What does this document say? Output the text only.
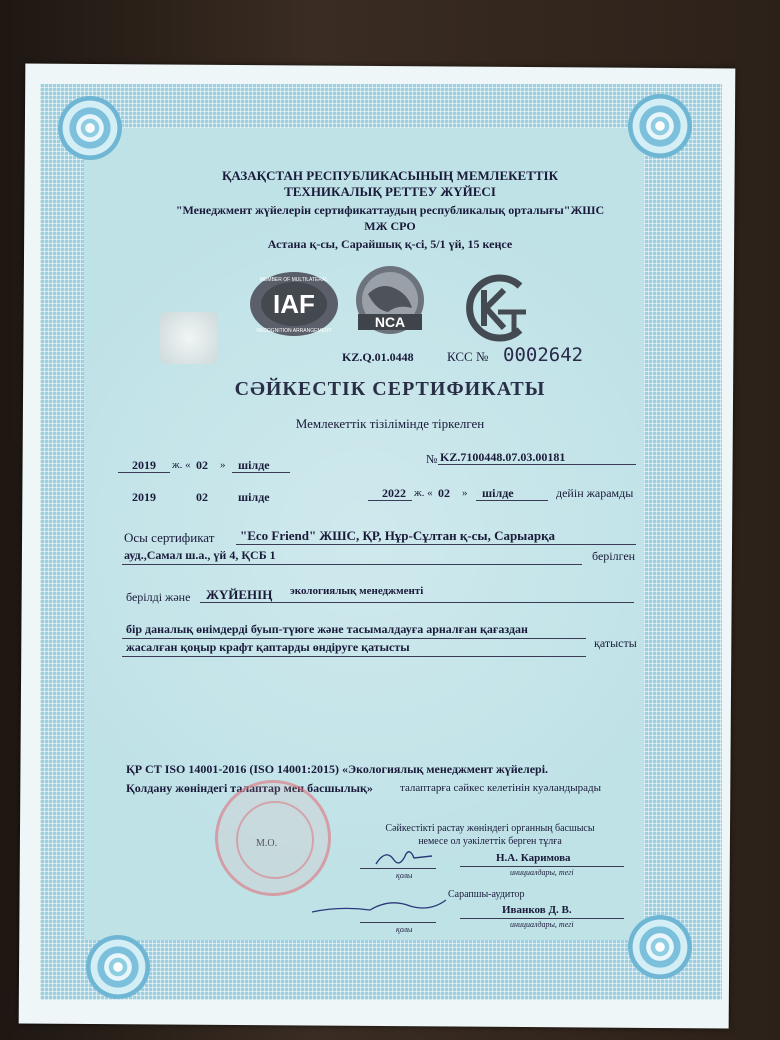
ҚАЗАҚСТАН РЕСПУБЛИКАСЫНЫҢ МЕМЛЕКЕТТІК
ТЕХНИКАЛЫҚ РЕТТЕУ ЖҮЙЕСІ
"Менеджмент жүйелерін сертификаттаудың республикалық орталығы"ЖШС
МЖ СРО
Астана қ-сы, Сарайшық қ-сі, 5/1 үй, 15 кеңсе
IAF
MEMBER OF MULTILATERAL
RECOGNITION ARRANGEMENT
NCA
KZ.Q.01.0448	КСС № 0002642
СӘЙКЕСТІК СЕРТИФИКАТЫ
Мемлекеттік тізілімінде тіркелген
2019 ж. « 02 » шілде	№ KZ.7100448.07.03.00181
2019	02	шілде	2022 ж. « 02 » шілде	дейін жарамды
Осы сертификат "Eco Friend" ЖШС, ҚР, Нұр-Сұлтан қ-сы, Сарыарқа
ауд.,Самал ш.а., үй 4, ҚСБ 1	берілген
берілді және ЖҮЙЕНІҢ экологиялық менеджменті
бір даналық өнімдерді буып-түюге және тасымалдауға арналған қағаздан
қатысты
жасалған қоңыр крафт қаптарды өндіруге қатысты
ҚР СТ ISO 14001-2016 (ISO 14001:2015) «Экологиялық менеджмент жүйелері.
Қолдану жөніндегі талаптар мен басшылық» талаптарға сәйкес келетінін куәландырады
М.О.
Сәйкестікті растау жөніндегі органның басшысы
немесе ол уәкілеттік берген тұлға
қолы
Н.А. Каримова
инициалдары, тегі
Сарапшы-аудитор
қолы
Иванков Д. В.
инициалдары, тегі
